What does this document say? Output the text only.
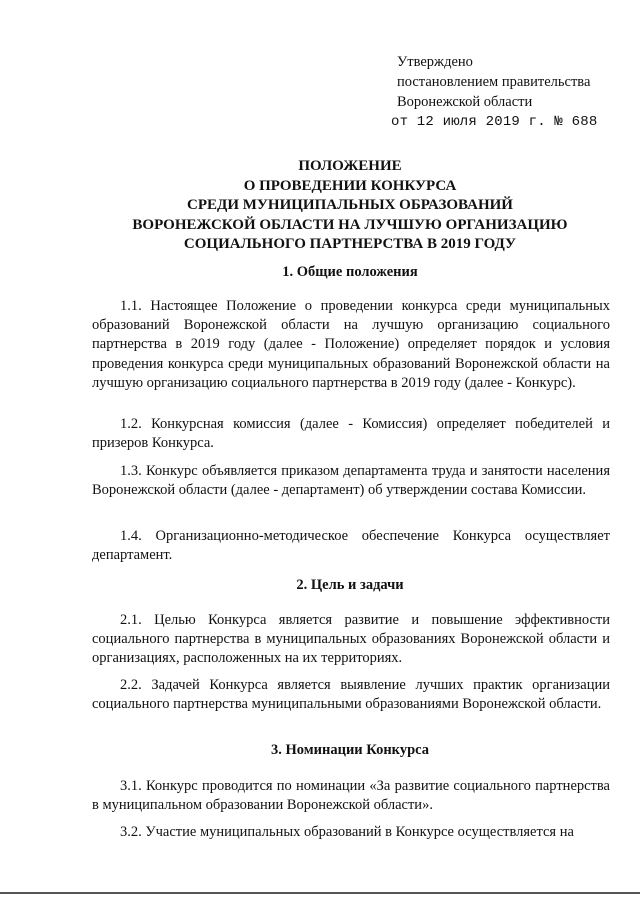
Утверждено
постановлением правительства
Воронежской области
от 12 июля 2019 г. № 688
ПОЛОЖЕНИЕ
О ПРОВЕДЕНИИ КОНКУРСА
СРЕДИ МУНИЦИПАЛЬНЫХ ОБРАЗОВАНИЙ
ВОРОНЕЖСКОЙ ОБЛАСТИ НА ЛУЧШУЮ ОРГАНИЗАЦИЮ
СОЦИАЛЬНОГО ПАРТНЕРСТВА В 2019 ГОДУ
1. Общие положения
1.1. Настоящее Положение о проведении конкурса среди муниципальных образований Воронежской области на лучшую организацию социального партнерства в 2019 году (далее - Положение) определяет порядок и условия проведения конкурса среди муниципальных образований Воронежской области на лучшую организацию социального партнерства в 2019 году (далее - Конкурс).
1.2. Конкурсная комиссия (далее - Комиссия) определяет победителей и призеров Конкурса.
1.3. Конкурс объявляется приказом департамента труда и занятости населения Воронежской области (далее - департамент) об утверждении состава Комиссии.
1.4. Организационно-методическое обеспечение Конкурса осуществляет департамент.
2. Цель и задачи
2.1. Целью Конкурса является развитие и повышение эффективности социального партнерства в муниципальных образованиях Воронежской области и организациях, расположенных на их территориях.
2.2. Задачей Конкурса является выявление лучших практик организации социального партнерства муниципальными образованиями Воронежской области.
3. Номинации Конкурса
3.1. Конкурс проводится по номинации «За развитие социального партнерства в муниципальном образовании Воронежской области».
3.2. Участие муниципальных образований в Конкурсе осуществляется на
